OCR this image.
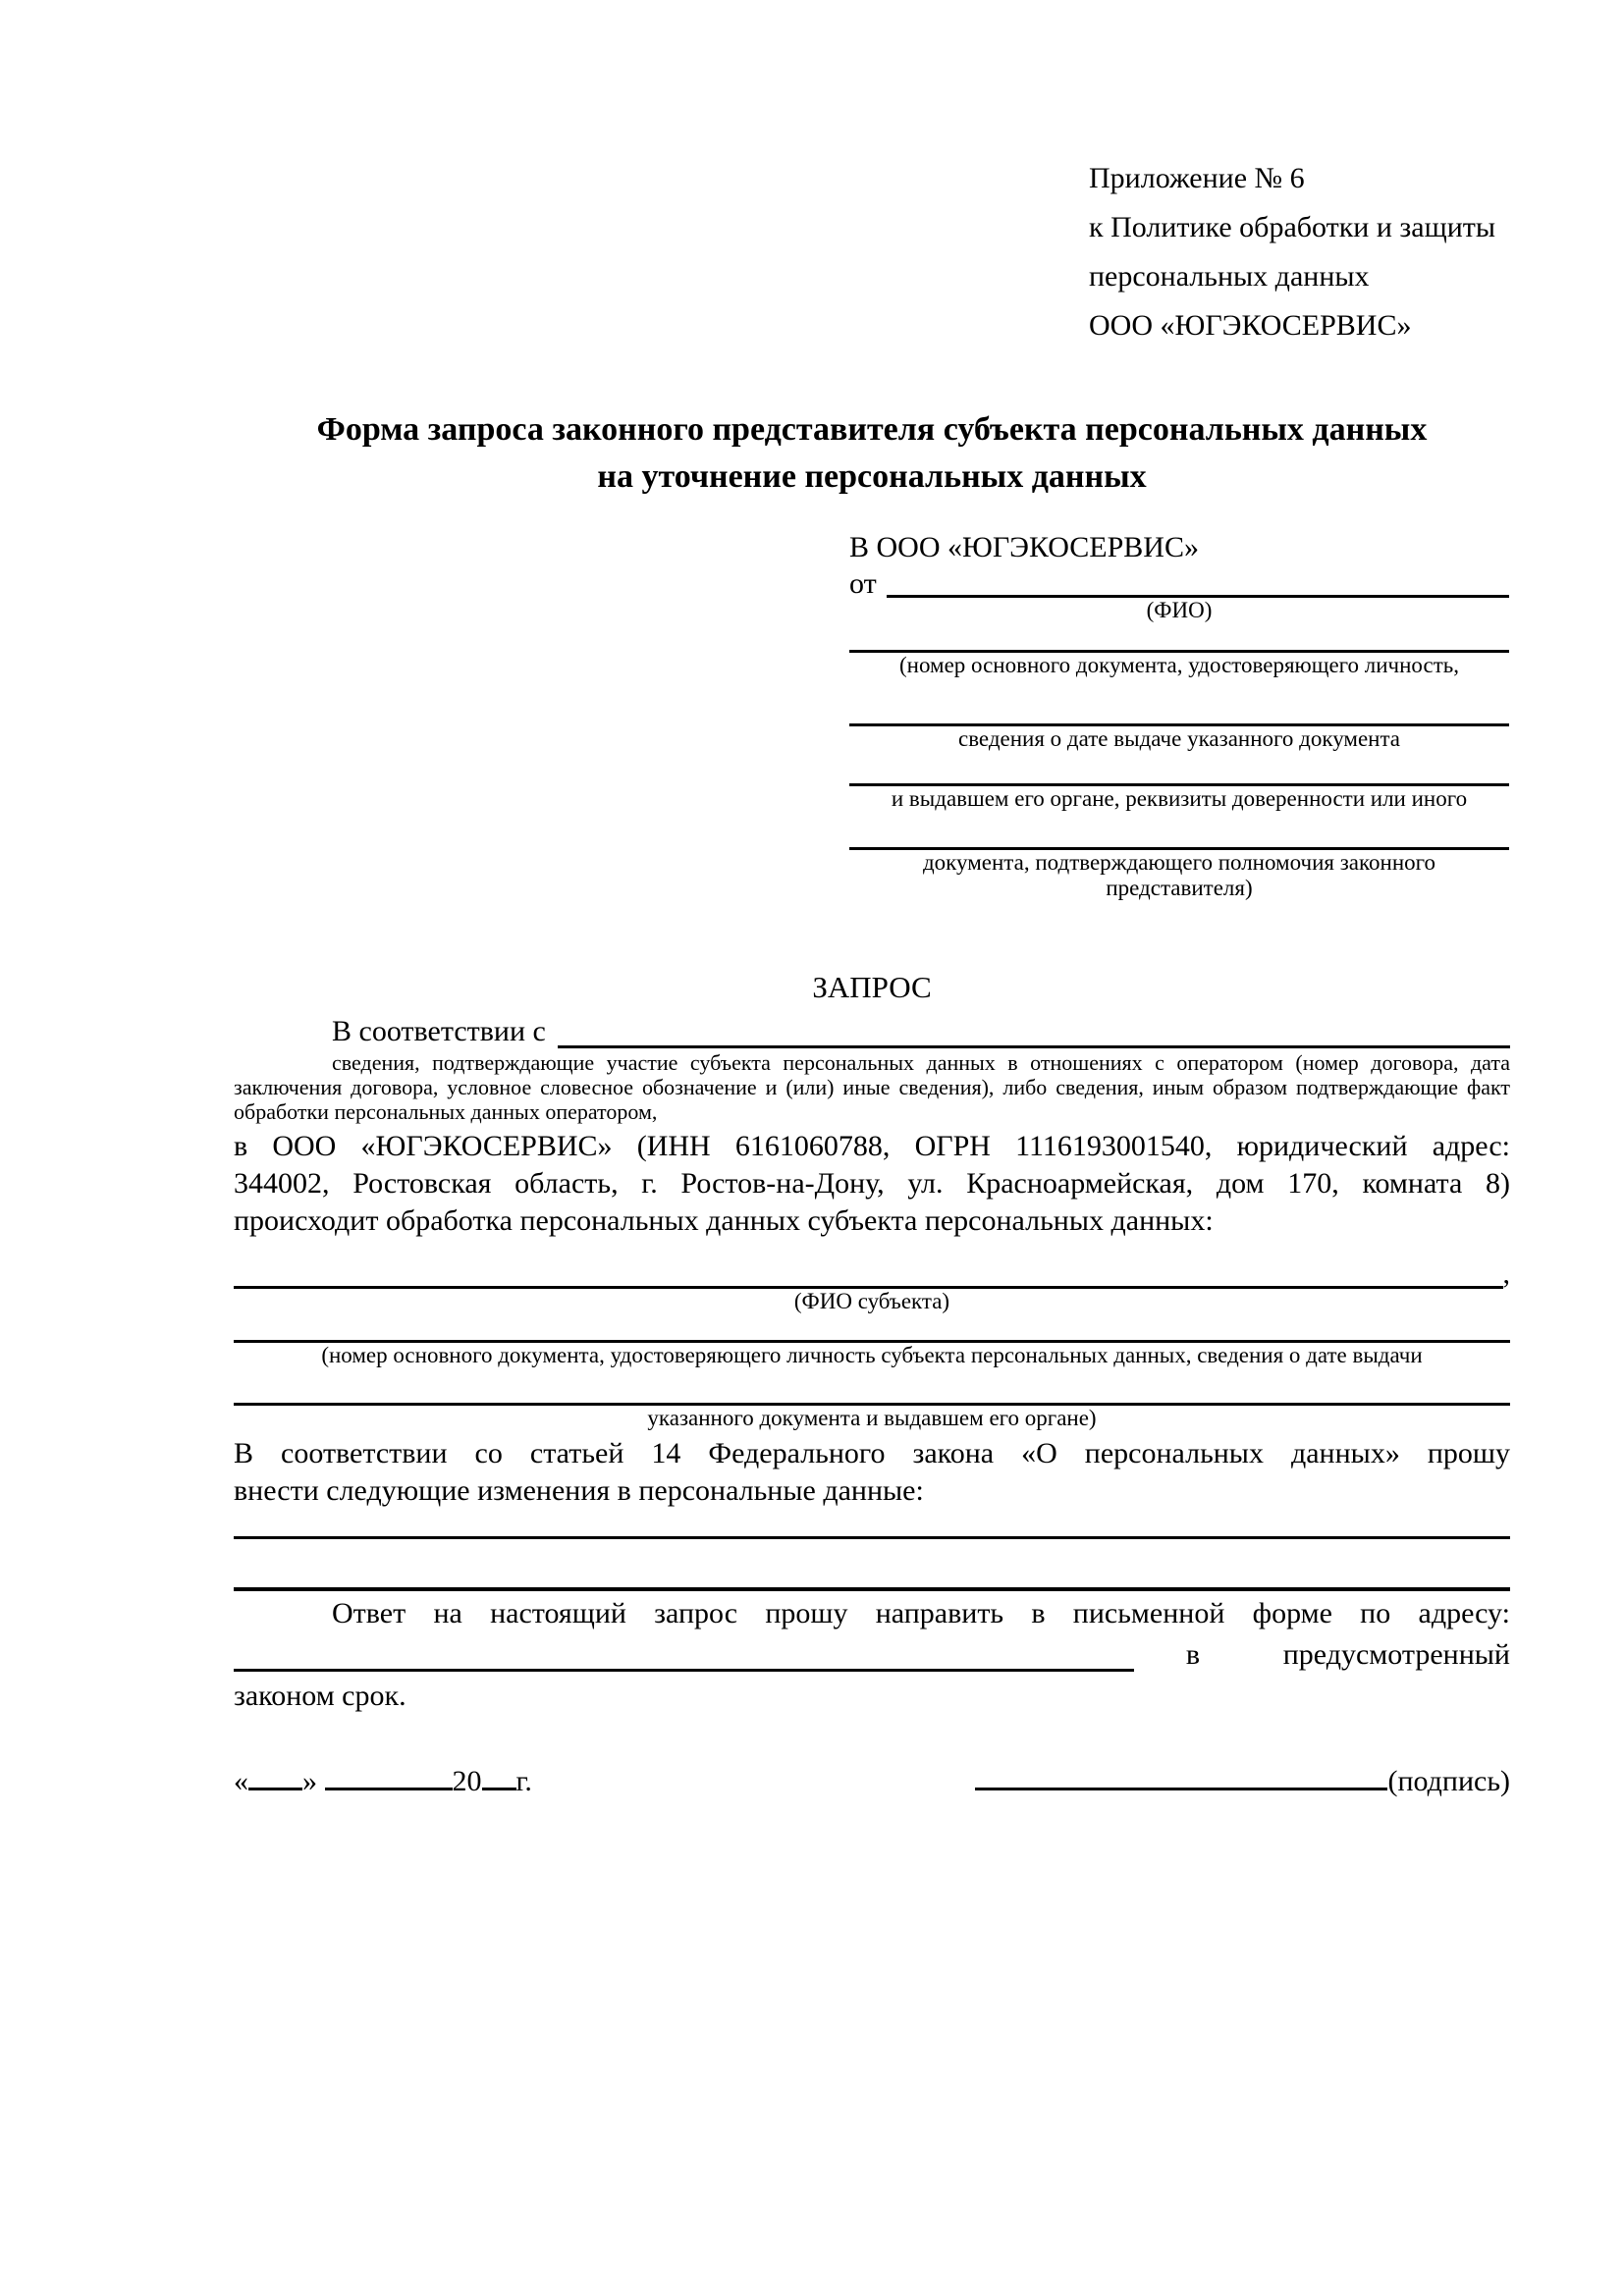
Приложение № 6
к Политике обработки и защиты
персональных данных
ООО «ЮГЭКОСЕРВИС»
Форма запроса законного представителя субъекта персональных данных
на уточнение персональных данных
В ООО «ЮГЭКОСЕРВИС»
от
(ФИО)
(номер основного документа, удостоверяющего личность,
сведения о дате выдаче указанного документа
и выдавшем его органе, реквизиты доверенности или иного
документа, подтверждающего полномочия законного представителя)
ЗАПРОС
В соответствии с
сведения, подтверждающие участие субъекта персональных данных в отношениях с оператором (номер договора, дата
заключения договора, условное словесное обозначение и (или) иные сведения), либо сведения, иным образом подтверждающие факт
обработки персональных данных оператором,
в ООО «ЮГЭКОСЕРВИС» (ИНН 6161060788, ОГРН 1116193001540, юридический адрес:
344002, Ростовская область, г. Ростов-на-Дону, ул. Красноармейская, дом 170, комната 8)
происходит обработка персональных данных субъекта персональных данных:
,
(ФИО субъекта)
(номер основного документа, удостоверяющего личность субъекта персональных данных, сведения о дате выдачи
указанного документа и выдавшем его органе)
В соответствии со статьей 14 Федерального закона «О персональных данных» прошу
внести следующие изменения в персональные данные:
Ответ на настоящий запрос прошу направить в письменной форме по адресу:
в	предусмотренный
законом срок.
« »	20 г.	(подпись)
